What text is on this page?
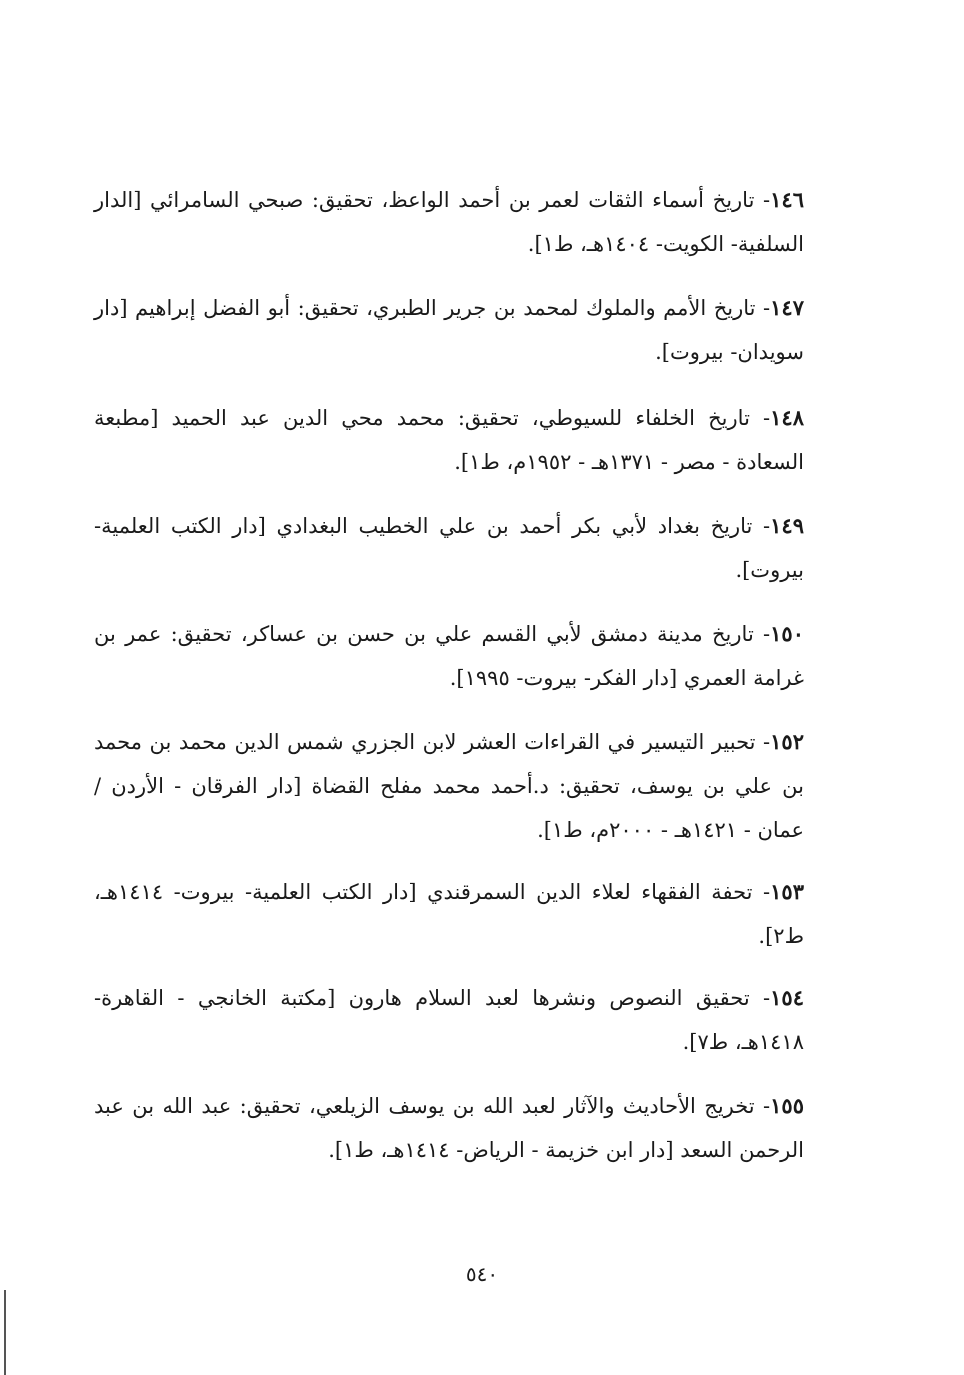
١٤٦- تاريخ أسماء الثقات لعمر بن أحمد الواعظ، تحقيق: صبحي السامرائي [الدار السلفية- الكويت- ١٤٠٤هـ، ط١].
١٤٧- تاريخ الأمم والملوك لمحمد بن جرير الطبري، تحقيق: أبو الفضل إبراهيم [دار سويدان- بيروت].
١٤٨- تاريخ الخلفاء للسيوطي، تحقيق: محمد محي الدين عبد الحميد [مطبعة السعادة - مصر - ١٣٧١هـ - ١٩٥٢م، ط١].
١٤٩- تاريخ بغداد لأبي بكر أحمد بن علي الخطيب البغدادي [دار الكتب العلمية- بيروت].
١٥٠- تاريخ مدينة دمشق لأبي القسم علي بن حسن بن عساكر، تحقيق: عمر بن غرامة العمري [دار الفكر- بيروت- ١٩٩٥].
١٥٢- تحبير التيسير في القراءات العشر لابن الجزري شمس الدين محمد بن محمد بن علي بن يوسف، تحقيق: د.أحمد محمد مفلح القضاة [دار الفرقان - الأردن / عمان - ١٤٢١هـ - ٢٠٠٠م، ط١].
١٥٣- تحفة الفقهاء لعلاء الدين السمرقندي [دار الكتب العلمية- بيروت- ١٤١٤هـ، ط٢].
١٥٤- تحقيق النصوص ونشرها لعبد السلام هارون [مكتبة الخانجي - القاهرة- ١٤١٨هـ، ط٧].
١٥٥- تخريج الأحاديث والآثار لعبد الله بن يوسف الزيلعي، تحقيق: عبد الله بن عبد الرحمن السعد [دار ابن خزيمة - الرياض- ١٤١٤هـ، ط١].
٥٤٠
